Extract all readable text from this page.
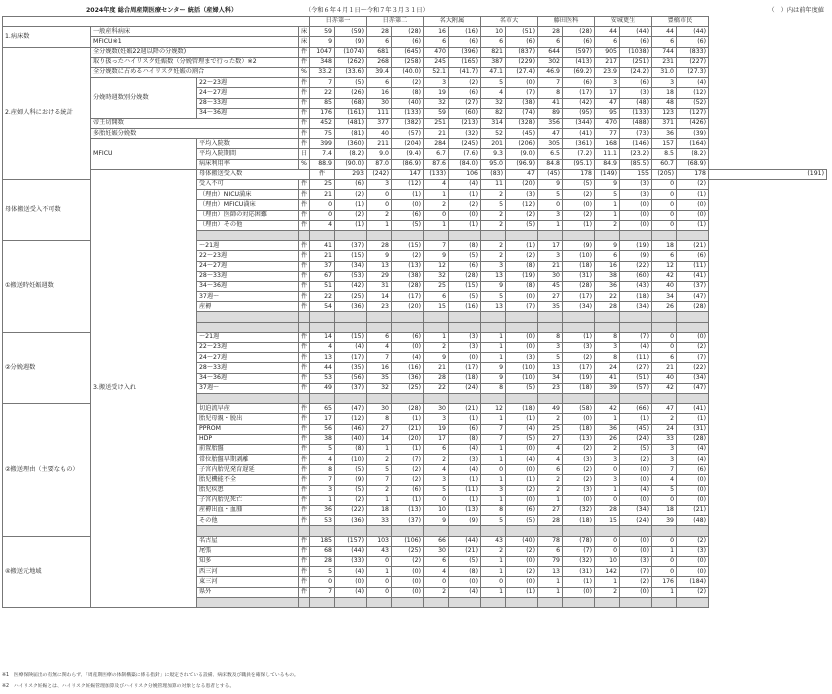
2024年度 総合周産期医療センター 統括（産婦人科）	（令和６年４月１日〜令和７年３月３１日）	（　）内は前年度値
				日赤第一		日赤第二		名大附属		名市大		藤田医科		安城更生		豊橋市民		
1.病床数	一般産科病床		床	59	(59)	28	(28)	16	(16)	10	(51)	28	(28)	44	(44)	44	(44)	
	MFICU※1		床	9	(9)	6	(6)	6	(6)	6	(6)	6	(6)	6	(6)	6	(6)	
2.産婦人科における統計	全分娩数(妊娠22週以降の分娩数)		件	1047	(1074)	681	(645)	470	(396)	821	(837)	644	(597)	905	(1038)	744	(833)	
	取り扱ったハイリスク妊娠数（分娩管理まで行った数）※2		件	348	(262)	268	(258)	245	(165)	387	(229)	302	(413)	217	(251)	231	(227)	
	全分娩数に占めるハイリスク妊娠の割合		%	33.2	(33.6)	39.4	(40.0)	52.1	(41.7)	47.1	(27.4)	46.9	(69.2)	23.9	(24.2)	31.0	(27.3)	
	分娩時週数別分娩数	22〜23週	件	7	(5)	6	(2)	3	(2)	5	(0)	7	(6)	3	(6)	3	(4)	
		24〜27週	件	22	(26)	16	(8)	19	(6)	4	(7)	8	(17)	17	(3)	18	(12)	
		28〜33週	件	85	(68)	30	(40)	32	(27)	32	(38)	41	(42)	47	(48)	48	(52)	
		34〜36週	件	176	(161)	111	(133)	59	(60)	82	(74)	89	(95)	95	(133)	123	(127)	
	帝王切開数		件	452	(481)	377	(382)	251	(213)	314	(328)	356	(344)	470	(488)	371	(426)	
	多胎妊娠分娩数		件	75	(81)	40	(57)	21	(32)	52	(45)	47	(41)	77	(73)	36	(39)	
	MFICU	平均入院数	件	399	(360)	211	(204)	284	(245)	201	(206)	305	(361)	168	(146)	157	(164)	
		平均入院期間	日	7.4	(8.2)	9.0	(9.4)	6.7	(7.6)	9.3	(9.0)	6.5	(7.2)	11.1	(23.2)	8.5	(8.2)	
		病床利用率	%	88.9	(90.0)	87.0	(86.9)	87.6	(84.0)	95.0	(96.9)	84.8	(95.1)	84.9	(85.5)	60.7	(68.9)	
	3.搬送受け入れ	母体搬送受入数		件	293	(242)	147	(133)	106	(83)	47	(45)	178	(149)	155	(205)	178	(191)
母体搬送受入不可数		受入不可	件	25	(6)	3	(12)	4	(4)	11	(20)	9	(5)	9	(3)	0	(2)	
		（理由）NICU満床	件	21	(2)	0	(1)	1	(1)	2	(3)	5	(2)	5	(3)	0	(1)	
		（理由）MFICU満床	件	0	(1)	0	(0)	2	(2)	5	(12)	0	(0)	1	(0)	0	(0)	
		（理由）医師の対応困難	件	0	(2)	2	(6)	0	(0)	2	(2)	3	(2)	1	(0)	0	(0)	
		（理由）その他	件	4	(1)	1	(5)	1	(1)	2	(5)	1	(1)	2	(0)	0	(1)	

①搬送時妊娠週数		〜21週	件	41	(37)	28	(15)	7	(8)	2	(1)	17	(9)	9	(19)	18	(21)	
		22〜23週	件	21	(15)	9	(2)	9	(5)	2	(2)	3	(10)	6	(9)	6	(6)	
		24〜27週	件	37	(34)	13	(13)	12	(6)	3	(8)	21	(18)	16	(22)	12	(11)	
		28〜33週	件	67	(53)	29	(38)	32	(28)	13	(19)	30	(31)	38	(60)	42	(41)	
		34〜36週	件	51	(42)	31	(28)	25	(15)	9	(8)	45	(28)	36	(43)	40	(37)	
		37週〜	件	22	(25)	14	(17)	6	(5)	5	(0)	27	(17)	22	(18)	34	(47)	
		産褥	件	54	(36)	23	(20)	15	(16)	13	(7)	35	(34)	28	(34)	26	(28)	

②分娩週数		〜21週	件	14	(15)	6	(6)	1	(3)	1	(0)	8	(1)	8	(7)	0	(0)	
		22〜23週	件	4	(4)	4	(0)	2	(3)	1	(0)	3	(3)	3	(4)	0	(2)	
		24〜27週	件	13	(17)	7	(4)	9	(0)	1	(3)	5	(2)	8	(11)	6	(7)	
		28〜33週	件	44	(35)	16	(16)	21	(17)	9	(10)	13	(17)	24	(27)	21	(22)	
		34〜36週	件	53	(56)	35	(36)	28	(18)	9	(10)	34	(19)	41	(51)	40	(34)	
		37週〜	件	49	(37)	32	(25)	22	(24)	8	(5)	23	(18)	39	(57)	42	(47)	

②搬送理由（主要なもの）		切迫流早産	件	65	(47)	30	(28)	30	(21)	12	(18)	49	(58)	42	(66)	47	(41)	
		胎児母親・脱出	件	17	(12)	8	(1)	3	(1)	1	(1)	2	(0)	1	(1)	2	(1)	
		PPROM	件	56	(46)	27	(21)	19	(6)	7	(4)	25	(18)	36	(45)	24	(31)	
		HDP	件	38	(40)	14	(20)	17	(8)	7	(5)	27	(13)	26	(24)	33	(28)	
		前置胎盤	件	5	(8)	1	(1)	6	(4)	1	(0)	4	(2)	2	(5)	3	(4)	
		常位胎盤早期剥離	件	4	(10)	2	(7)	2	(3)	1	(4)	4	(3)	3	(2)	3	(4)	
		子宮内胎児発育遅延	件	8	(5)	5	(2)	4	(4)	0	(0)	6	(2)	0	(0)	7	(6)	
		胎児機能不全	件	7	(9)	7	(2)	3	(1)	1	(1)	2	(2)	3	(0)	4	(0)	
		胎児疾患	件	3	(5)	2	(6)	5	(11)	3	(2)	2	(3)	1	(4)	5	(0)	
		子宮内胎児死亡	件	1	(2)	1	(1)	0	(1)	1	(0)	1	(0)	0	(0)	0	(0)	
		産褥出血・血腫	件	36	(22)	18	(13)	10	(13)	8	(6)	27	(32)	28	(34)	18	(21)	
		その他	件	53	(36)	33	(37)	9	(9)	5	(5)	28	(18)	15	(24)	39	(48)	

④搬送元地域		名古屋	件	185	(157)	103	(106)	66	(44)	43	(40)	78	(78)	0	(0)	0	(2)	
		尾張	件	68	(44)	43	(25)	30	(21)	2	(2)	6	(7)	0	(0)	1	(3)	
		知多	件	28	(33)	0	(2)	6	(5)	1	(0)	79	(32)	10	(3)	0	(0)	
		西三河	件	5	(4)	1	(0)	4	(8)	1	(2)	13	(31)	142	(7)	0	(0)	
		東三河	件	0	(0)	0	(0)	0	(0)	0	(0)	1	(1)	1	(2)	176	(184)	
		県外	件	7	(4)	0	(0)	2	(4)	1	(1)	1	(0)	2	(0)	1	(2)	

※1　医療保険届出の有無に関わらず、「周産期医療の体制構築に係る指針」に規定されている設備、病床数及び職員を確保しているもの。
※2　ハイリスク妊娠とは、ハイリスク妊娠管理加算及びハイリスク分娩管理加算の対象となる患者とする。
